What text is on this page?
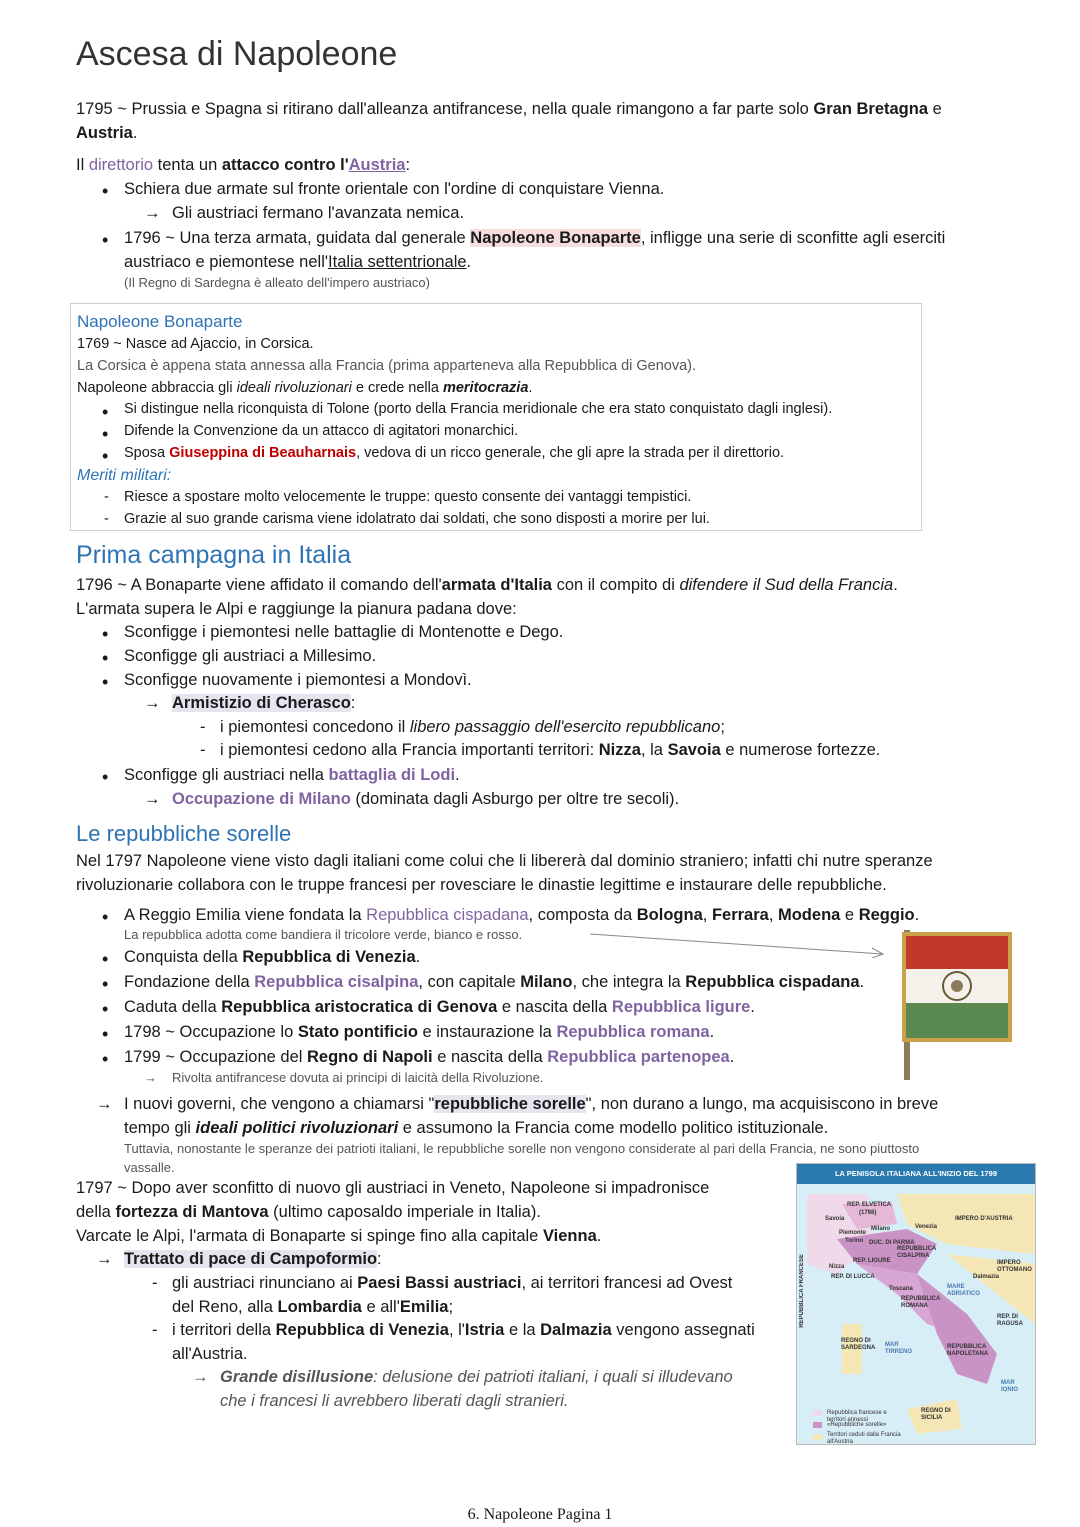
Ascesa di Napoleone
1795 ~ Prussia e Spagna si ritirano dall'alleanza antifrancese, nella quale rimangono a far parte solo Gran Bretagna e
Austria.
Il direttorio tenta un attacco contro l'Austria:
• Schiera due armate sul fronte orientale con l'ordine di conquistare Vienna.
→ Gli austriaci fermano l'avanzata nemica.
• 1796 ~ Una terza armata, guidata dal generale Napoleone Bonaparte, infligge una serie di sconfitte agli eserciti
austriaco e piemontese nell'Italia settentrionale.
(Il Regno di Sardegna è alleato dell'impero austriaco)
Napoleone Bonaparte
1769 ~ Nasce ad Ajaccio, in Corsica.
La Corsica è appena stata annessa alla Francia (prima apparteneva alla Repubblica di Genova).
Napoleone abbraccia gli ideali rivoluzionari e crede nella meritocrazia.
• Si distingue nella riconquista di Tolone (porto della Francia meridionale che era stato conquistato dagli inglesi).
• Difende la Convenzione da un attacco di agitatori monarchici.
• Sposa Giuseppina di Beauharnais, vedova di un ricco generale, che gli apre la strada per il direttorio.
Meriti militari:
- Riesce a spostare molto velocemente le truppe: questo consente dei vantaggi tempistici.
- Grazie al suo grande carisma viene idolatrato dai soldati, che sono disposti a morire per lui.
Prima campagna in Italia
1796 ~ A Bonaparte viene affidato il comando dell'armata d'Italia con il compito di difendere il Sud della Francia.
L'armata supera le Alpi e raggiunge la pianura padana dove:
• Sconfigge i piemontesi nelle battaglie di Montenotte e Dego.
• Sconfigge gli austriaci a Millesimo.
• Sconfigge nuovamente i piemontesi a Mondovì.
→ Armistizio di Cherasco:
- i piemontesi concedono il libero passaggio dell'esercito repubblicano;
- i piemontesi cedono alla Francia importanti territori: Nizza, la Savoia e numerose fortezze.
• Sconfigge gli austriaci nella battaglia di Lodi.
→ Occupazione di Milano (dominata dagli Asburgo per oltre tre secoli).
Le repubbliche sorelle
Nel 1797 Napoleone viene visto dagli italiani come colui che li libererà dal dominio straniero; infatti chi nutre speranze
rivoluzionarie collabora con le truppe francesi per rovesciare le dinastie legittime e instaurare delle repubbliche.
• A Reggio Emilia viene fondata la Repubblica cispadana, composta da Bologna, Ferrara, Modena e Reggio.
La repubblica adotta come bandiera il tricolore verde, bianco e rosso.
• Conquista della Repubblica di Venezia.
• Fondazione della Repubblica cisalpina, con capitale Milano, che integra la Repubblica cispadana.
• Caduta della Repubblica aristocratica di Genova e nascita della Repubblica ligure.
• 1798 ~ Occupazione lo Stato pontificio e instaurazione la Repubblica romana.
• 1799 ~ Occupazione del Regno di Napoli e nascita della Repubblica partenopea.
→ Rivolta antifrancese dovuta ai principi di laicità della Rivoluzione.
→ I nuovi governi, che vengono a chiamarsi "repubbliche sorelle", non durano a lungo, ma acquisiscono in breve
tempo gli ideali politici rivoluzionari e assumono la Francia come modello politico istituzionale.
Tuttavia, nonostante le speranze dei patrioti italiani, le repubbliche sorelle non vengono considerate al pari della Francia, ne sono piuttosto
vassalle.
1797 ~ Dopo aver sconfitto di nuovo gli austriaci in Veneto, Napoleone si impadronisce
della fortezza di Mantova (ultimo caposaldo imperiale in Italia).
Varcate le Alpi, l'armata di Bonaparte si spinge fino alla capitale Vienna.
→ Trattato di pace di Campoformio:
- gli austriaci rinunciano ai Paesi Bassi austriaci, ai territori francesi ad Ovest
del Reno, alla Lombardia e all'Emilia;
- i territori della Repubblica di Venezia, l'Istria e la Dalmazia vengono assegnati
all'Austria.
→ Grande disillusione: delusione dei patrioti italiani, i quali si illudevano
che i francesi li avrebbero liberati dagli stranieri.
LA PENISOLA ITALIANA ALL'INIZIO DEL 1799
REP. ELVETICA
(1798)
IMPERO D'AUSTRIA
Savoia
Milano	Venezia
Piemonte
Torino DUC. DI PARMA
REPUBBLICA CISALPINA
REP. LIGURE
REP. DI LUCCA
Nizza
Toscana
REPUBBLICA ROMANA
IMPERO OTTOMANO
Dalmazia
REP. DI RAGUSA
REGNO DI SARDEGNA	REPUBBLICA NAPOLETANA
REGNO DI SICILIA
REPUBBLICA FRANCESE
MAR TIRRENO
MARE ADRIATICO
MAR IONIO
Repubblica francese e territori annessi
«Repubbliche sorelle»
Territori ceduti dalla Francia all'Austria
6. Napoleone Pagina 1
